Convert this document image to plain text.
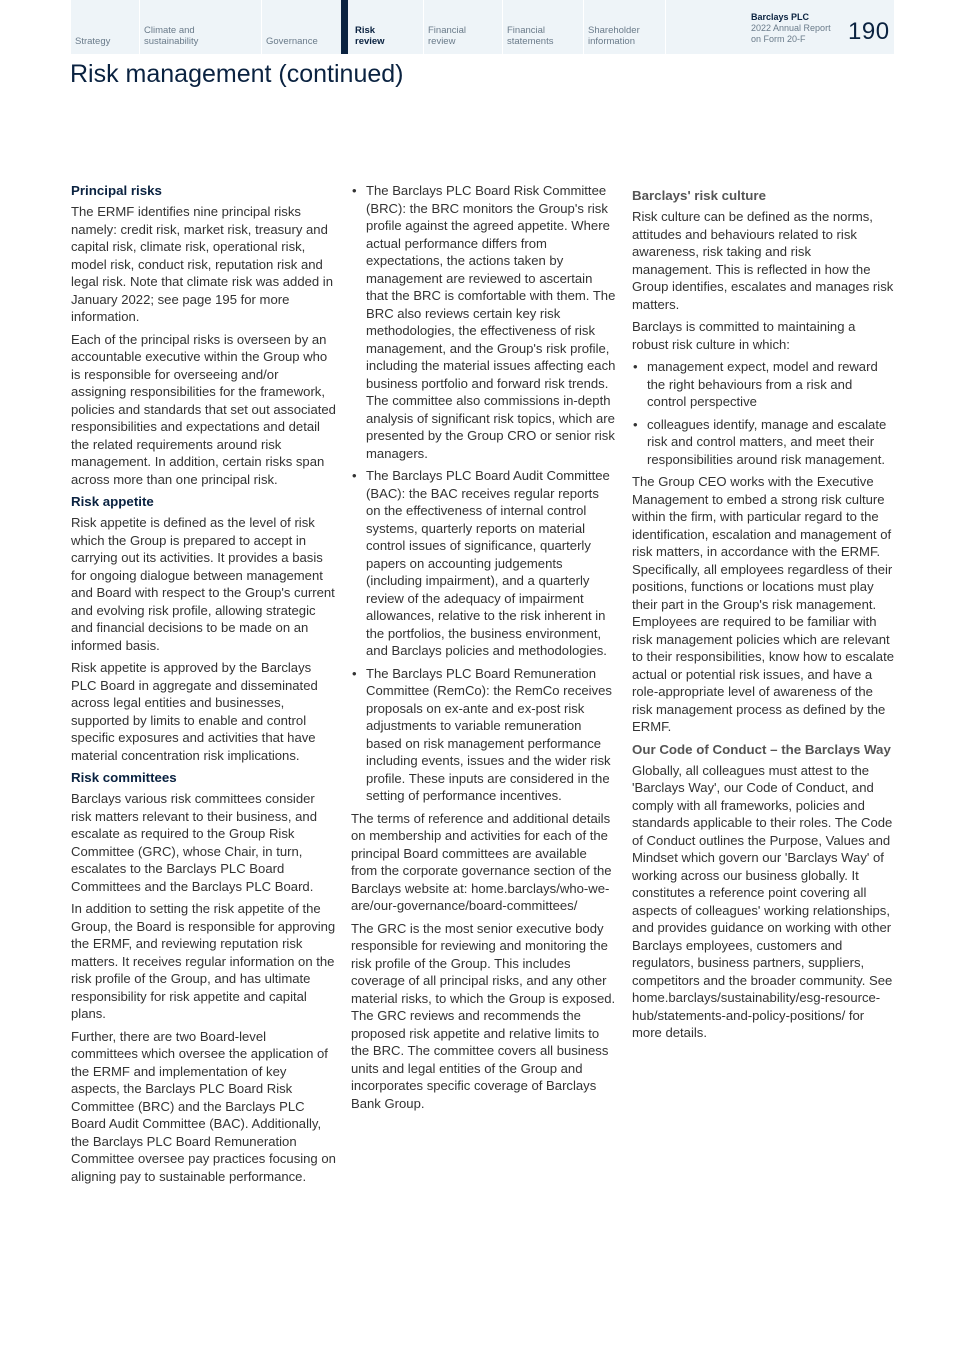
Strategy
Climate and
sustainability	Governance
Risk
review
Financial
review
Financial
statements
Shareholder
information
Barclays PLC
2022 Annual Report
on Form 20-F	190
Risk management (continued)
Principal risks

The ERMF identifies nine principal risks namely: credit risk, market risk, treasury and capital risk, climate risk, operational risk, model risk, conduct risk, reputation risk and legal risk. Note that climate risk was added in January 2022; see page 195 for more information.

Each of the principal risks is overseen by an accountable executive within the Group who is responsible for overseeing and/or assigning responsibilities for the framework, policies and standards that set out associated responsibilities and expectations and detail the related requirements around risk management. In addition, certain risks span across more than one principal risk.

Risk appetite

Risk appetite is defined as the level of risk which the Group is prepared to accept in carrying out its activities. It provides a basis for ongoing dialogue between management and Board with respect to the Group's current and evolving risk profile, allowing strategic and financial decisions to be made on an informed basis.

Risk appetite is approved by the Barclays PLC Board in aggregate and disseminated across legal entities and businesses, supported by limits to enable and control specific exposures and activities that have material concentration risk implications.

Risk committees

Barclays various risk committees consider risk matters relevant to their business, and escalate as required to the Group Risk Committee (GRC), whose Chair, in turn, escalates to the Barclays PLC Board Committees and the Barclays PLC Board.

In addition to setting the risk appetite of the Group, the Board is responsible for approving the ERMF, and reviewing reputation risk matters. It receives regular information on the risk profile of the Group, and has ultimate responsibility for risk appetite and capital plans.

Further, there are two Board-level committees which oversee the application of the ERMF and implementation of key aspects, the Barclays PLC Board Risk Committee (BRC) and the Barclays PLC Board Audit Committee (BAC). Additionally, the Barclays PLC Board Remuneration Committee oversee pay practices focusing on aligning pay to sustainable performance.

• The Barclays PLC Board Risk Committee (BRC): the BRC monitors the Group's risk profile against the agreed appetite. Where actual performance differs from expectations, the actions taken by management are reviewed to ascertain that the BRC is comfortable with them. The BRC also reviews certain key risk methodologies, the effectiveness of risk management, and the Group's risk profile, including the material issues affecting each business portfolio and forward risk trends. The committee also commissions in-depth analysis of significant risk topics, which are presented by the Group CRO or senior risk managers.
• The Barclays PLC Board Audit Committee (BAC): the BAC receives regular reports on the effectiveness of internal control systems, quarterly reports on material control issues of significance, quarterly papers on accounting judgements (including impairment), and a quarterly review of the adequacy of impairment allowances, relative to the risk inherent in the portfolios, the business environment, and Barclays policies and methodologies.
• The Barclays PLC Board Remuneration Committee (RemCo): the RemCo receives proposals on ex-ante and ex-post risk adjustments to variable remuneration based on risk management performance including events, issues and the wider risk profile. These inputs are considered in the setting of performance incentives.

The terms of reference and additional details on membership and activities for each of the principal Board committees are available from the corporate governance section of the Barclays website at: home.barclays/who-we-are/our-governance/board-committees/

The GRC is the most senior executive body responsible for reviewing and monitoring the risk profile of the Group. This includes coverage of all principal risks, and any other material risks, to which the Group is exposed. The GRC reviews and recommends the proposed risk appetite and relative limits to the BRC. The committee covers all business units and legal entities of the Group and incorporates specific coverage of Barclays Bank Group.

Barclays' risk culture

Risk culture can be defined as the norms, attitudes and behaviours related to risk awareness, risk taking and risk management. This is reflected in how the Group identifies, escalates and manages risk matters.

Barclays is committed to maintaining a robust risk culture in which:

• management expect, model and reward the right behaviours from a risk and control perspective
• colleagues identify, manage and escalate risk and control matters, and meet their responsibilities around risk management.

The Group CEO works with the Executive Management to embed a strong risk culture within the firm, with particular regard to the identification, escalation and management of risk matters, in accordance with the ERMF. Specifically, all employees regardless of their positions, functions or locations must play their part in the Group's risk management. Employees are required to be familiar with risk management policies which are relevant to their responsibilities, know how to escalate actual or potential risk issues, and have a role-appropriate level of awareness of the risk management process as defined by the ERMF.

Our Code of Conduct – the Barclays Way

Globally, all colleagues must attest to the 'Barclays Way', our Code of Conduct, and comply with all frameworks, policies and standards applicable to their roles. The Code of Conduct outlines the Purpose, Values and Mindset which govern our 'Barclays Way' of working across our business globally. It constitutes a reference point covering all aspects of colleagues' working relationships, and provides guidance on working with other Barclays employees, customers and regulators, business partners, suppliers, competitors and the broader community. See home.barclays/sustainability/esg-resource-hub/statements-and-policy-positions/ for more details.
